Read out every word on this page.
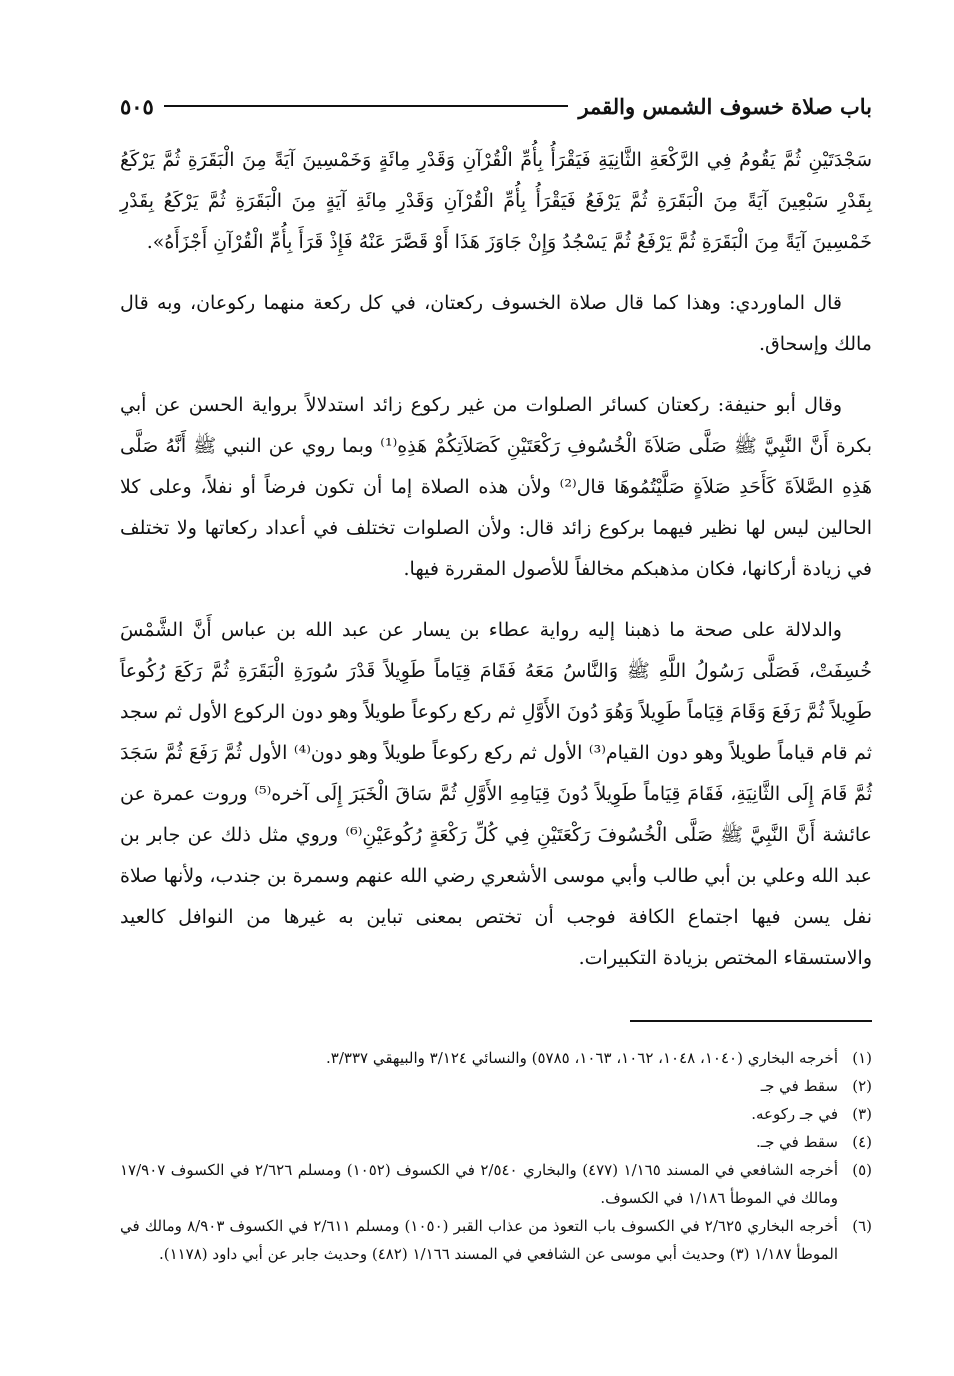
باب صلاة خسوف الشمس والقمر
٥٠٥

سَجْدَتَيْنِ ثُمَّ يَقُومُ فِي الرَّكْعَةِ الثَّانِيَةِ فَيَقْرَأُ بِأُمِّ الْقُرْآنِ وَقَدْرِ مِائَةٍ وَخَمْسِينَ آيَةً مِنَ الْبَقَرَةِ ثُمَّ يَرْكَعُ بِقَدْرِ سَبْعِينَ آيَةً مِنَ الْبَقَرَةِ ثُمَّ يَرْفَعُ فَيَقْرَأُ بِأُمِّ الْقُرْآنِ وَقَدْرِ مِائَةِ آيَةٍ مِنَ الْبَقَرَةِ ثُمَّ يَرْكَعُ بِقَدْرِ خَمْسِينَ آيَةً مِنَ الْبَقَرَةِ ثُمَّ يَرْفَعُ ثُمَّ يَسْجُدُ وَإِنْ جَاوَزَ هَذَا أَوْ قَصَّرَ عَنْهُ فَإِذْ قَرَأَ بِأُمِّ الْقُرْآنِ أَجْزَأَهُ».

قال الماوردي: وهذا كما قال صلاة الخسوف ركعتان، في كل ركعة منهما ركوعان، وبه قال مالك وإسحاق.

وقال أبو حنيفة: ركعتان كسائر الصلوات من غير ركوع زائد استدلالاً برواية الحسن عن أبي بكرة أَنَّ النَّبِيَّ ﷺ صَلَّى صَلاَةَ الْخُسُوفِ رَكْعَتَيْنِ كَصَلاَتِكُمْ هَذِهِ⁽¹⁾ وبما روي عن النبي ﷺ أَنَّهُ صَلَّى هَذِهِ الصَّلاَةَ كَأَحَدِ صَلاَةٍ صَلَّيْتُمُوهَا قال⁽²⁾ ولأن هذه الصلاة إما أن تكون فرضاً أو نفلاً، وعلى كلا الحالين ليس لها نظير فيهما بركوع زائد قال: ولأن الصلوات تختلف في أعداد ركعاتها ولا تختلف في زيادة أركانها، فكان مذهبكم مخالفاً للأصول المقررة فيها.

والدلالة على صحة ما ذهبنا إليه رواية عطاء بن يسار عن عبد الله بن عباس أَنَّ الشَّمْسَ خُسِفَتْ، فَصَلَّى رَسُولُ اللَّهِ ﷺ وَالنَّاسُ مَعَهُ فَقَامَ قِيَاماً طَوِيلاً قَدْرَ سُورَةِ الْبَقَرَةِ ثُمَّ رَكَعَ رُكُوعاً طَوِيلاً ثُمَّ رَفَعَ وَقَامَ قِيَاماً طَوِيلاً وَهُوَ دُونَ الأَوَّلِ ثم ركع ركوعاً طويلاً وهو دون الركوع الأول ثم سجد ثم قام قياماً طويلاً وهو دون القيام⁽³⁾ الأول ثم ركع ركوعاً طويلاً وهو دون⁽⁴⁾ الأول ثُمَّ رَفَعَ ثُمَّ سَجَدَ ثُمَّ قَامَ إِلَى الثَّانِيَةِ، فَقَامَ قِيَاماً طَوِيلاً دُونَ قِيَامِهِ الأَوَّلِ ثُمَّ سَاقَ الْخَبَرَ إِلَى آخره⁽⁵⁾ وروت عمرة عن عائشة أَنَّ النَّبِيَّ ﷺ صَلَّى الْخُسُوفَ رَكْعَتَيْنِ فِي كُلِّ رَكْعَةٍ رُكُوعَيْنِ⁽⁶⁾ وروي مثل ذلك عن جابر بن عبد الله وعلي بن أبي طالب وأبي موسى الأشعري رضي الله عنهم وسمرة بن جندب، ولأنها صلاة نفل يسن فيها اجتماع الكافة فوجب أن تختص بمعنى تباين به غيرها من النوافل كالعيد والاستسقاء المختص بزيادة التكبيرات.

(١)
أخرجه البخاري (١٠٤٠، ١٠٤٨، ١٠٦٢، ١٠٦٣، ٥٧٨٥) والنسائي ٣/١٢٤ والبيهقي ٣/٣٣٧.
(٢)
سقط في جـ
(٣)
في جـ ركوعه.
(٤)
سقط في جـ.
(٥)
أخرجه الشافعي في المسند ١/١٦٥ (٤٧٧) والبخاري ٢/٥٤٠ في الكسوف (١٠٥٢) ومسلم ٢/٦٢٦ في الكسوف ١٧/٩٠٧ ومالك في الموطأ ١/١٨٦ في الكسوف.
(٦)
أخرجه البخاري ٢/٦٢٥ في الكسوف باب التعوذ من عذاب القبر (١٠٥٠) ومسلم ٢/٦١١ في الكسوف ٨/٩٠٣ ومالك في الموطأ ١/١٨٧ (٣) وحديث أبي موسى عن الشافعي في المسند ١/١٦٦ (٤٨٢) وحديث جابر عن أبي داود (١١٧٨).
